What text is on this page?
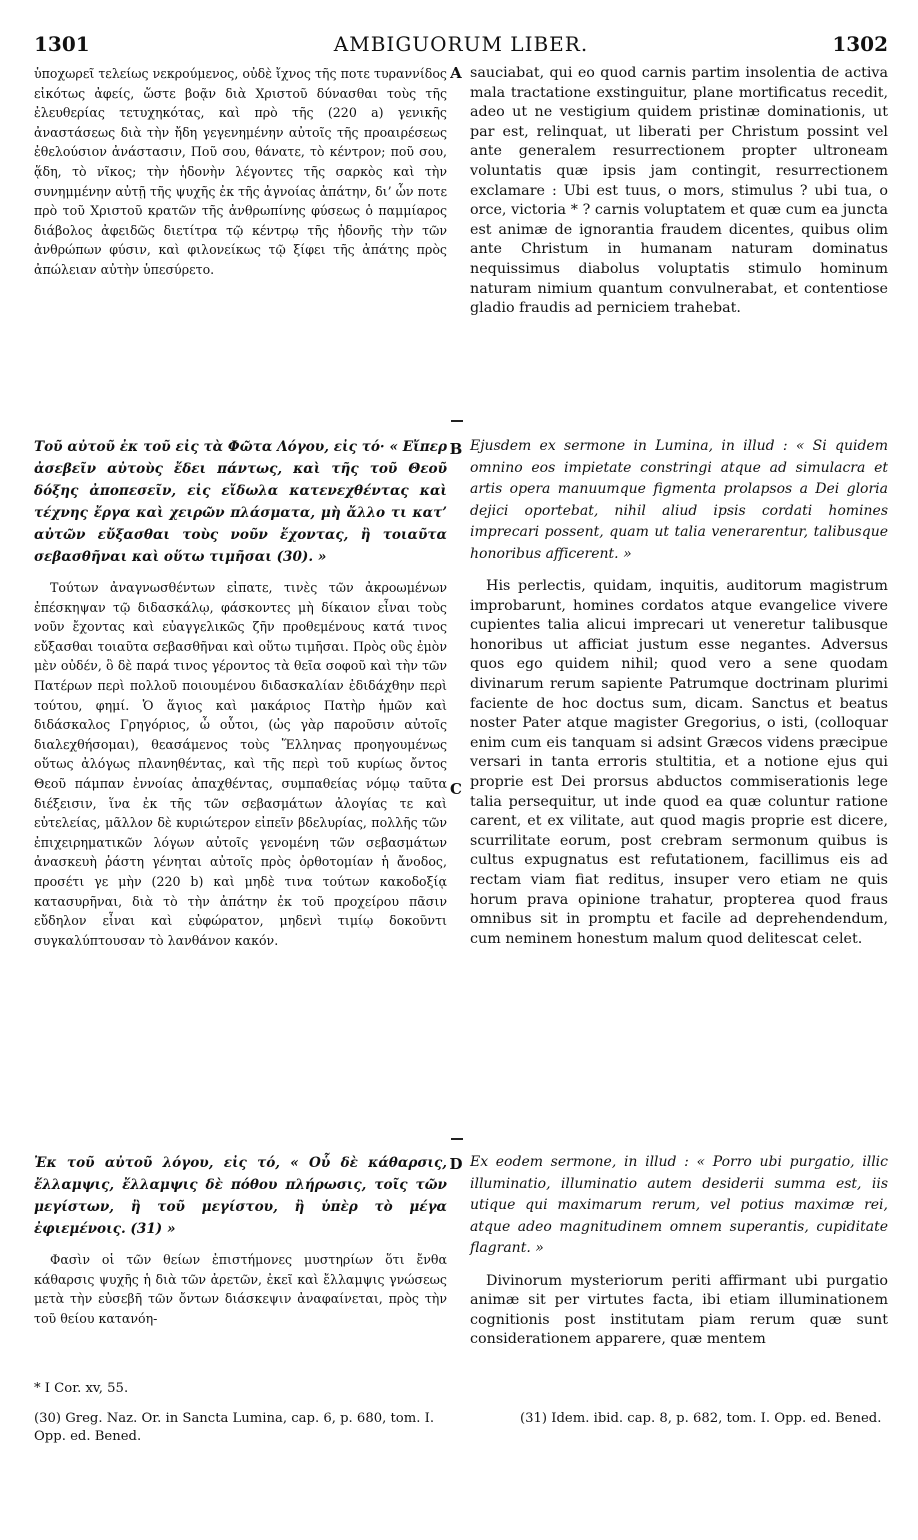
1301	AMBIGUORUM LIBER.	1302

ὑποχωρεῖ τελείως νεκρούμενος, οὐδὲ ἴχνος τῆς ποτε τυραννίδος εἰκότως ἀφείς, ὥστε βοᾷν διὰ Χριστοῦ δύνασθαι τοὺς τῆς ἐλευθερίας τετυχηκότας, καὶ πρὸ τῆς (220 a) γενικῆς ἀναστάσεως διὰ τὴν ἤδη γεγενημένην αὐτοῖς τῆς προαιρέσεως ἐθελούσιον ἀνάστασιν, Ποῦ σου, θάνατε, τὸ κέντρον; ποῦ σου, ᾅδη, τὸ νῖκος; τὴν ἡδονὴν λέγοντες τῆς σαρκὸς καὶ τὴν συνημμένην αὐτῇ τῆς ψυχῆς ἐκ τῆς ἀγνοίας ἀπάτην, δι’ ὧν ποτε πρὸ τοῦ Χριστοῦ κρατῶν τῆς ἀνθρωπίνης φύσεως ὁ παμμίαρος διάβολος ἀφειδῶς διετίτρα τῷ κέντρῳ τῆς ἡδονῆς τὴν τῶν ἀνθρώπων φύσιν, καὶ φιλονείκως τῷ ξίφει τῆς ἀπάτης πρὸς ἀπώλειαν αὐτὴν ὑπεσύρετο.

sauciabat, qui eo quod carnis partim insolentia de activa mala tractatione exstinguitur, plane mortificatus recedit, adeo ut ne vestigium quidem pristinæ dominationis, ut par est, relinquat, ut liberati per Christum possint vel ante generalem resurrectionem propter ultroneam voluntatis quæ ipsis jam contingit, resurrectionem exclamare : Ubi est tuus, o mors, stimulus ? ubi tua, o orce, victoria * ? carnis voluptatem et quæ cum ea juncta est animæ de ignorantia fraudem dicentes, quibus olim ante Christum in humanam naturam dominatus nequissimus diabolus voluptatis stimulo hominum naturam nimium quantum convulnerabat, et contentiose gladio fraudis ad perniciem trahebat.

A

Τοῦ αὐτοῦ ἐκ τοῦ εἰς τὰ Φῶτα Λόγου, εἰς τό· « Εἴπερ ἀσεβεῖν αὐτοὺς ἔδει πάντως, καὶ τῆς τοῦ Θεοῦ δόξης ἀποπεσεῖν, εἰς εἴδωλα κατενεχθέντας καὶ τέχνης ἔργα καὶ χειρῶν πλάσματα, μὴ ἄλλο τι κατ’ αὐτῶν εὔξασθαι τοὺς νοῦν ἔχοντας, ἢ τοιαῦτα σεβασθῆναι καὶ οὕτω τιμῆσαι (30). »

Τούτων ἀναγνωσθέντων εἰπατε, τινὲς τῶν ἀκροωμένων ἐπέσκηψαν τῷ διδασκάλῳ, φάσκοντες μὴ δίκαιον εἶναι τοὺς νοῦν ἔχοντας καὶ εὐαγγελικῶς ζῆν προθεμένους κατά τινος εὔξασθαι τοιαῦτα σεβασθῆναι καὶ οὕτω τιμῆσαι. Πρὸς οὓς ἐμὸν μὲν οὐδέν, ὃ δὲ παρά τινος γέροντος τὰ θεῖα σοφοῦ καὶ τὴν τῶν Πατέρων περὶ πολλοῦ ποιουμένου διδασκαλίαν ἐδιδάχθην περὶ τούτου, φημί. Ὁ ἅγιος καὶ μακάριος Πατὴρ ἡμῶν καὶ διδάσκαλος Γρηγόριος, ὦ οὗτοι, (ὡς γὰρ παροῦσιν αὐτοῖς διαλεχθήσομαι), θεασάμενος τοὺς Ἕλληνας προηγουμένως οὕτως ἀλόγως πλανηθέντας, καὶ τῆς περὶ τοῦ κυρίως ὄντος Θεοῦ πάμπαν ἐννοίας ἀπαχθέντας, συμπαθείας νόμῳ ταῦτα διέξεισιν, ἵνα ἐκ τῆς τῶν σεβασμάτων ἀλογίας τε καὶ εὐτελείας, μᾶλλον δὲ κυριώτερον εἰπεῖν βδελυρίας, πολλῆς τῶν ἐπιχειρηματικῶν λόγων αὐτοῖς γενομένη τῶν σεβασμάτων ἀνασκευὴ ῥάστη γένηται αὐτοῖς πρὸς ὀρθοτομίαν ἡ ἄνοδος, προσέτι γε μὴν (220 b) καὶ μηδὲ τινα τούτων κακοδοξίᾳ κατασυρῆναι, διὰ τὸ τὴν ἀπάτην ἐκ τοῦ προχείρου πᾶσιν εὔδηλον εἶναι καὶ εὐφώρατον, μηδενὶ τιμίῳ δοκοῦντι συγκαλύπτουσαν τὸ λανθάνον κακόν.

Ejusdem ex sermone in Lumina, in illud : « Si quidem omnino eos impietate constringi atque ad simulacra et artis opera manuumque figmenta prolapsos a Dei gloria dejici oportebat, nihil aliud ipsis cordati homines imprecari possent, quam ut talia venerarentur, talibusque honoribus afficerent. »

His perlectis, quidam, inquitis, auditorum magistrum improbarunt, homines cordatos atque evangelice vivere cupientes talia alicui imprecari ut veneretur talibusque honoribus ut afficiat justum esse negantes. Adversus quos ego quidem nihil; quod vero a sene quodam divinarum rerum sapiente Patrumque doctrinam plurimi faciente de hoc doctus sum, dicam. Sanctus et beatus noster Pater atque magister Gregorius, o isti, (colloquar enim cum eis tanquam si adsint Græcos videns præcipue versari in tanta erroris stultitia, et a notione ejus qui proprie est Dei prorsus abductos commiserationis lege talia persequitur, ut inde quod ea quæ coluntur ratione carent, et ex vilitate, aut quod magis proprie est dicere, scurrilitate eorum, post crebram sermonum quibus is cultus expugnatus est refutationem, facillimus eis ad rectam viam fiat reditus, insuper vero etiam ne quis horum prava opinione trahatur, propterea quod fraus omnibus sit in promptu et facile ad deprehendendum, cum neminem honestum malum quod delitescat celet.

B
C

Ἐκ τοῦ αὐτοῦ λόγου, εἰς τό, « Οὗ δὲ κάθαρσις, ἔλλαμψις, ἔλλαμψις δὲ πόθου πλήρωσις, τοῖς τῶν μεγίστων, ἢ τοῦ μεγίστου, ἢ ὑπὲρ τὸ μέγα ἐφιεμένοις. (31) »

Φασὶν οἱ τῶν θείων ἐπιστήμονες μυστηρίων ὅτι ἔνθα κάθαρσις ψυχῆς ἡ διὰ τῶν ἀρετῶν, ἐκεῖ καὶ ἔλλαμψις γνώσεως μετὰ τὴν εὐσεβῆ τῶν ὄντων διάσκεψιν ἀναφαίνεται, πρὸς τὴν τοῦ θείου κατανόη-

Ex eodem sermone, in illud : « Porro ubi purgatio, illic illuminatio, illuminatio autem desiderii summa est, iis utique qui maximarum rerum, vel potius maximæ rei, atque adeo magnitudinem omnem superantis, cupiditate flagrant. »

Divinorum mysteriorum periti affirmant ubi purgatio animæ sit per virtutes facta, ibi etiam illuminationem cognitionis post institutam piam rerum quæ sunt considerationem apparere, quæ mentem

D

* I Cor. xv, 55.

(30) Greg. Naz. Or. in Sancta Lumina, cap. 6, p. 680, tom. I. Opp. ed. Bened.

(31) Idem. ibid. cap. 8, p. 682, tom. I. Opp. ed. Bened.
